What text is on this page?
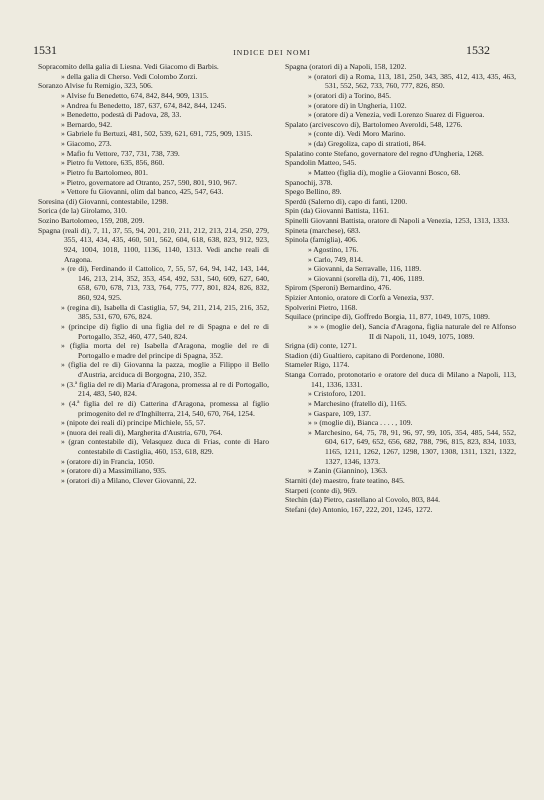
1531	INDICE DEI NOMI	1532
Sopracomito della galia di Liesna. Vedi Giacomo di Barbis.
» della galia di Cherso. Vedi Colombo Zorzi.
Soranzo Alvise fu Remigio, 323, 506.
» Alvise fu Benedetto, 674, 842, 844, 909, 1315.
» Andrea fu Benedetto, 187, 637, 674, 842, 844, 1245.
» Benedetto, podestà di Padova, 28, 33.
» Bernardo, 942.
» Gabriele fu Bertuzi, 481, 502, 539, 621, 691, 725, 909, 1315.
» Giacomo, 273.
» Mafio fu Vettore, 737, 731, 738, 739.
» Pietro fu Vettore, 635, 856, 860.
» Pietro fu Bartolomeo, 801.
» Pietro, governatore ad Otranto, 257, 590, 801, 910, 967.
» Vettore fu Giovanni, olim dal banco, 425, 547, 643.
Soresina (di) Giovanni, contestabile, 1298.
Sorica (de la) Girolamo, 310.
Sozino Bartolomeo, 159, 208, 209.
Spagna (reali di), 7, 11, 37, 55, 94, 201, 210, 211, 212, 213, 214, 250, 279, 355, 413, 434, 435, 460, 501, 562, 604, 618, 638, 823, 912, 923, 924, 1004, 1018, 1100, 1136, 1140, 1313. Vedi anche reali di Aragona.
» (re di), Ferdinando il Cattolico, 7, 55, 57, 64, 94, 142, 143, 144, 146, 213, 214, 352, 353, 454, 492, 531, 540, 609, 627, 640, 658, 670, 678, 713, 733, 764, 775, 777, 801, 824, 826, 832, 860, 924, 925.
» (regina di), Isabella di Castiglia, 57, 94, 211, 214, 215, 216, 352, 385, 531, 670, 676, 824.
» (principe di) figlio di una figlia del re di Spagna e del re di Portogallo, 352, 460, 477, 540, 824.
» (figlia morta del re) Isabella d'Aragona, moglie del re di Portogallo e madre del principe di Spagna, 352.
» (figlia del re di) Giovanna la pazza, moglie a Filippo il Bello d'Austria, arciduca di Borgogna, 210, 352.
» (3.ª figlia del re di) Maria d'Aragona, promessa al re di Portogallo, 214, 483, 540, 824.
» (4.ª figlia del re di) Catterina d'Aragona, promessa al figlio primogenito del re d'Inghilterra, 214, 540, 670, 764, 1254.
» (nipote dei reali di) principe Michiele, 55, 57.
» (nuora dei reali di), Margherita d'Austria, 670, 764.
» (gran contestabile di), Velasquez duca di Frias, conte di Haro contestabile di Castiglia, 460, 153, 618, 829.
» (oratore di) in Francia, 1050.
» (oratore di) a Massimiliano, 935.
» (oratori di) a Milano, Clever Giovanni, 22.
Spagna (oratori di) a Napoli, 158, 1202.
» (oratori di) a Roma, 113, 181, 250, 343, 385, 412, 413, 435, 463, 531, 552, 562, 733, 760, 777, 826, 850.
» (oratori di) a Torino, 845.
» (oratore di) in Ungheria, 1102.
» (oratore di) a Venezia, vedi Lorenzo Suarez di Figueroa.
Spalato (arcivescovo di), Bartolomeo Averoldi, 548, 1276.
» (conte di). Vedi Moro Marino.
» (da) Gregoliza, capo di stratioti, 864.
Spalatino conte Stefano, governatore del regno d'Ungheria, 1268.
Spandolin Matteo, 545.
» Matteo (figlia di), moglie a Giovanni Bosco, 68.
Spanochij, 378.
Spego Bellino, 89.
Sperdù (Salerno di), capo di fanti, 1200.
Spin (da) Giovanni Battista, 1161.
Spinelli Giovanni Battista, oratore di Napoli a Venezia, 1253, 1313, 1333.
Spineta (marchese), 683.
Spinola (famiglia), 406.
» Agostino, 176.
» Carlo, 749, 814.
» Giovanni, da Serravalle, 116, 1189.
» Giovanni (sorella di), 71, 406, 1189.
Spirom (Speroni) Bernardino, 476.
Spizier Antonio, oratore di Corfù a Venezia, 937.
Spolverini Pietro, 1168.
Squilace (principe di), Goffredo Borgia, 11, 877, 1049, 1075, 1089.
» » » (moglie del), Sancia d'Aragona, figlia naturale del re Alfonso II di Napoli, 11, 1049, 1075, 1089.
Srigna (di) conte, 1271.
Stadion (di) Gualtiero, capitano di Pordenone, 1080.
Stameler Rigo, 1174.
Stanga Corrado, protonotario e oratore del duca di Milano a Napoli, 113, 141, 1336, 1331.
» Cristoforo, 1201.
» Marchesino (fratello di), 1165.
» Gaspare, 109, 137.
» » (moglie di), Bianca . . . . , 109.
» Marchesino, 64, 75, 78, 91, 96, 97, 99, 105, 354, 485, 544, 552, 604, 617, 649, 652, 656, 682, 788, 796, 815, 823, 834, 1033, 1165, 1211, 1262, 1267, 1298, 1307, 1308, 1311, 1321, 1322, 1327, 1346, 1373.
» Zanin (Giannino), 1363.
Starniti (de) maestro, frate teatino, 845.
Starpeti (conte di), 969.
Stechin (da) Pietro, castellano al Covolo, 803, 844.
Stefani (de) Antonio, 167, 222, 201, 1245, 1272.
